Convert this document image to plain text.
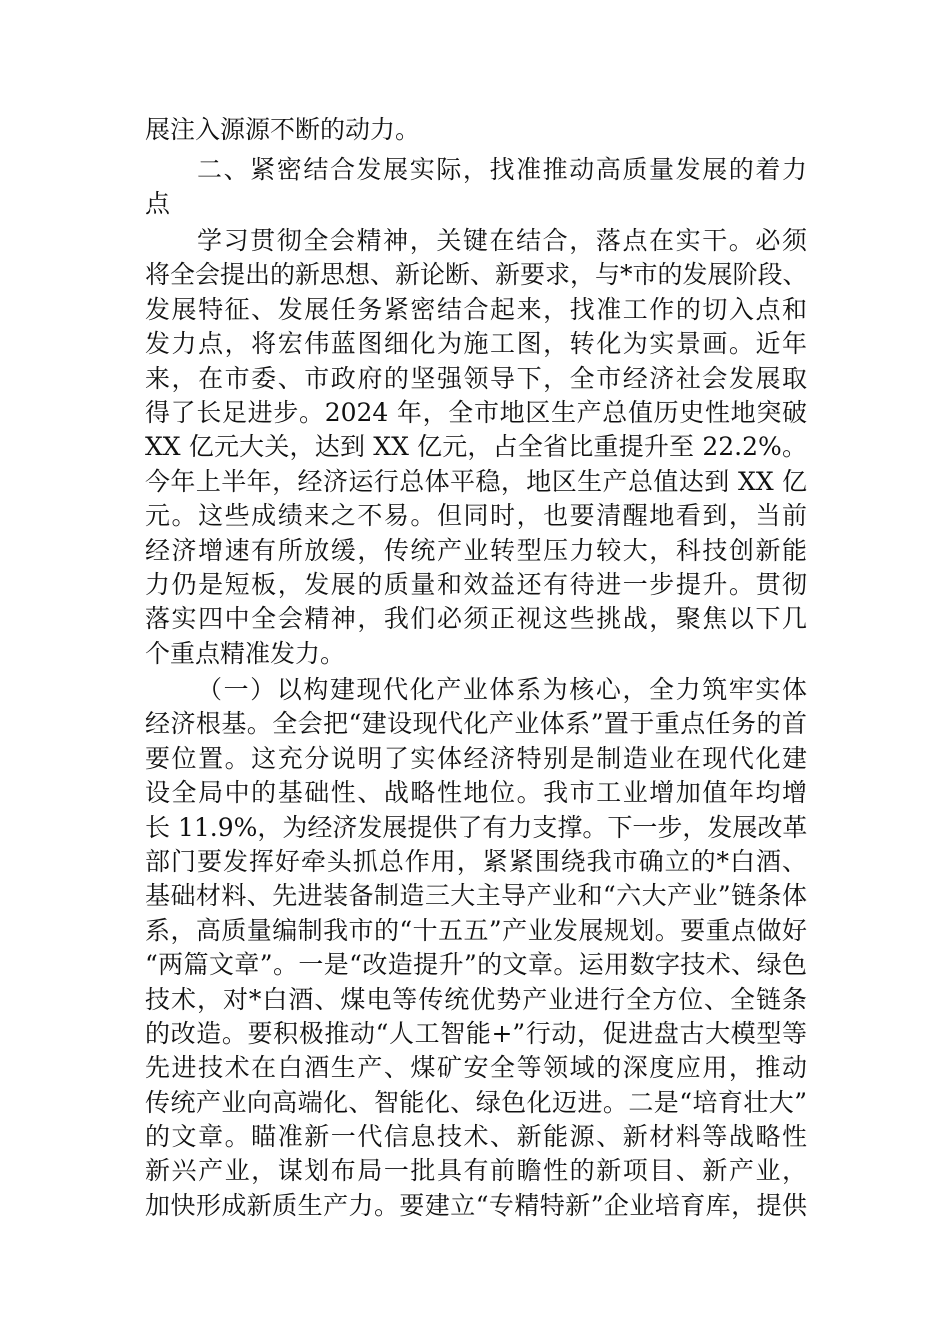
展注入源源不断的动力。
二、紧密结合发展实际，找准推动高质量发展的着力
点
学习贯彻全会精神，关键在结合，落点在实干。必须
将全会提出的新思想、新论断、新要求，与*市的发展阶段、
发展特征、发展任务紧密结合起来，找准工作的切入点和
发力点，将宏伟蓝图细化为施工图，转化为实景画。近年
来，在市委、市政府的坚强领导下，全市经济社会发展取
得了长足进步。2024 年，全市地区生产总值历史性地突破
XX 亿元大关，达到 XX 亿元，占全省比重提升至 22.2%。
今年上半年，经济运行总体平稳，地区生产总值达到 XX 亿
元。这些成绩来之不易。但同时，也要清醒地看到，当前
经济增速有所放缓，传统产业转型压力较大，科技创新能
力仍是短板，发展的质量和效益还有待进一步提升。贯彻
落实四中全会精神，我们必须正视这些挑战，聚焦以下几
个重点精准发力。
（一）以构建现代化产业体系为核心，全力筑牢实体
经济根基。全会把“建设现代化产业体系”置于重点任务的首
要位置。这充分说明了实体经济特别是制造业在现代化建
设全局中的基础性、战略性地位。我市工业增加值年均增
长 11.9%，为经济发展提供了有力支撑。下一步，发展改革
部门要发挥好牵头抓总作用，紧紧围绕我市确立的*白酒、
基础材料、先进装备制造三大主导产业和“六大产业”链条体
系，高质量编制我市的“十五五”产业发展规划。要重点做好
“两篇文章”。一是“改造提升”的文章。运用数字技术、绿色
技术，对*白酒、煤电等传统优势产业进行全方位、全链条
的改造。要积极推动“人工智能+”行动，促进盘古大模型等
先进技术在白酒生产、煤矿安全等领域的深度应用，推动
传统产业向高端化、智能化、绿色化迈进。二是“培育壮大”
的文章。瞄准新一代信息技术、新能源、新材料等战略性
新兴产业，谋划布局一批具有前瞻性的新项目、新产业，
加快形成新质生产力。要建立“专精特新”企业培育库，提供
